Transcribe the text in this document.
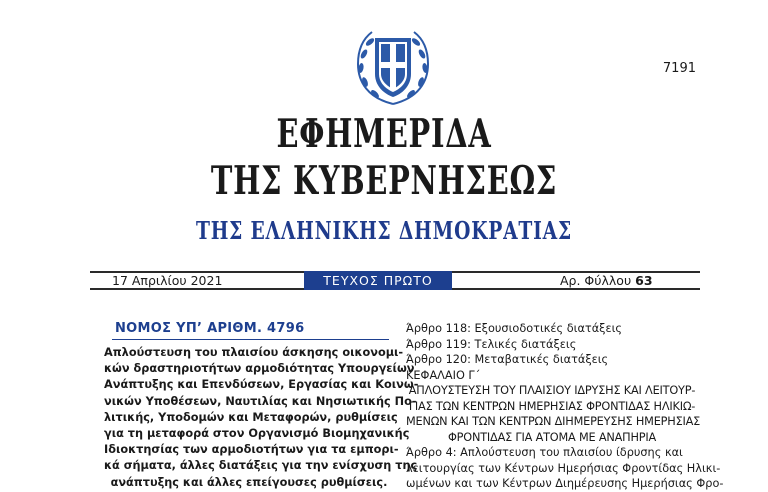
7191
ΕΦΗΜΕΡΙΔΑ
ΤΗΣ ΚΥΒΕΡΝΗΣΕΩΣ
ΤΗΣ ΕΛΛΗΝΙΚΗΣ ΔΗΜΟΚΡΑΤΙΑΣ
17 Απριλίου 2021	ΤΕΥΧΟΣ ΠΡΩΤΟ	Αρ. Φύλλου 63
ΝΟΜΟΣ ΥΠ’ ΑΡΙΘΜ. 4796
Απλούστευση του πλαισίου άσκησης οικονομι-
κών δραστηριοτήτων αρμοδιότητας Υπουργείων
Ανάπτυξης και Επενδύσεων, Εργασίας και Κοινω-
νικών Υποθέσεων, Ναυτιλίας και Νησιωτικής Πο-
λιτικής, Υποδομών και Μεταφορών, ρυθμίσεις
για τη μεταφορά στον Οργανισμό Βιομηχανικής
Ιδιοκτησίας των αρμοδιοτήτων για τα εμπορι-
κά σήματα, άλλες διατάξεις για την ενίσχυση της
ανάπτυξης και άλλες επείγουσες ρυθμίσεις.
Άρθρο 118: Εξουσιοδοτικές διατάξεις
Άρθρο 119: Τελικές διατάξεις
Άρθρο 120: Μεταβατικές διατάξεις
ΚΕΦΑΛΑΙΟ Γ΄
ΑΠΛΟΥΣΤΕΥΣΗ ΤΟΥ ΠΛΑΙΣΙΟΥ ΙΔΡΥΣΗΣ ΚΑΙ ΛΕΙΤΟΥΡ-
ΓΙΑΣ ΤΩΝ ΚΕΝΤΡΩΝ ΗΜΕΡΗΣΙΑΣ ΦΡΟΝΤΙΔΑΣ ΗΛΙΚΙΩ-
ΜΕΝΩΝ ΚΑΙ ΤΩΝ ΚΕΝΤΡΩΝ ΔΙΗΜΕΡΕΥΣΗΣ ΗΜΕΡΗΣΙΑΣ
ΦΡΟΝΤΙΔΑΣ ΓΙΑ ΑΤΟΜΑ ΜΕ ΑΝΑΠΗΡΙΑ
Άρθρο 4: Απλούστευση του πλαισίου ίδρυσης και
λειτουργίας των Κέντρων Ημερήσιας Φροντίδας Ηλικι-
ωμένων και των Κέντρων Διημέρευσης Ημερήσιας Φρο-
